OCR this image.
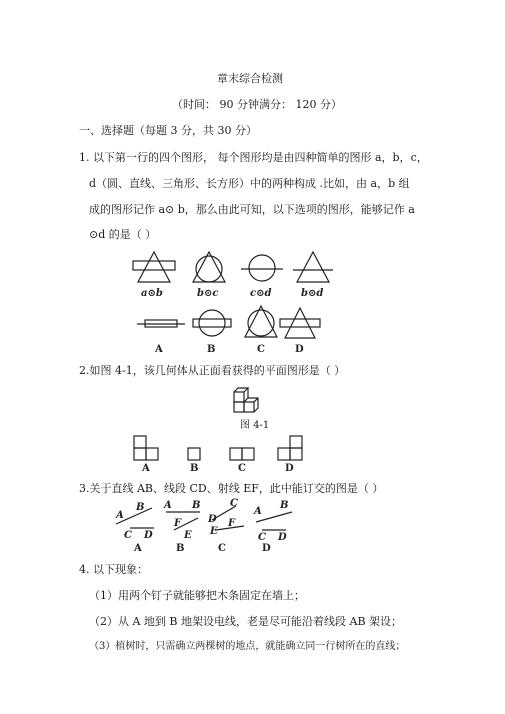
章末综合检测
（时间： 90 分钟满分： 120 分）
一、选择题（每题 3 分，共 30 分）
1. 以下第一行的四个图形， 每个图形均是由四种简单的图形 a，b，c，
d（圆、直线、三角形、长方形）中的两种构成 .比如，由 a，b 组
成的图形记作 a⊙ b，那么由此可知，以下选项的图形，能够记作 a
⊙d 的是（ ）
a⊙b	b⊙c	c⊙d	b⊙d
A	B	C	D
2.如图 4-1，该几何体从正面看获得的平面图形是（ ）
图 4-1
A	B	C	D
3.关于直线 AB、线段 CD、射线 EF，此中能订交的图是（ ）
A
B
C D
A B
F
E
C
D F
E
A
B
C D
A	B	C	D
4. 以下现象：
（1）用两个钉子就能够把木条固定在墙上；
（2）从 A 地到 B 地架设电线，老是尽可能沿着线段 AB 架设；
（3）植树时，只需确立两棵树的地点，就能确立同一行树所在的直线；
